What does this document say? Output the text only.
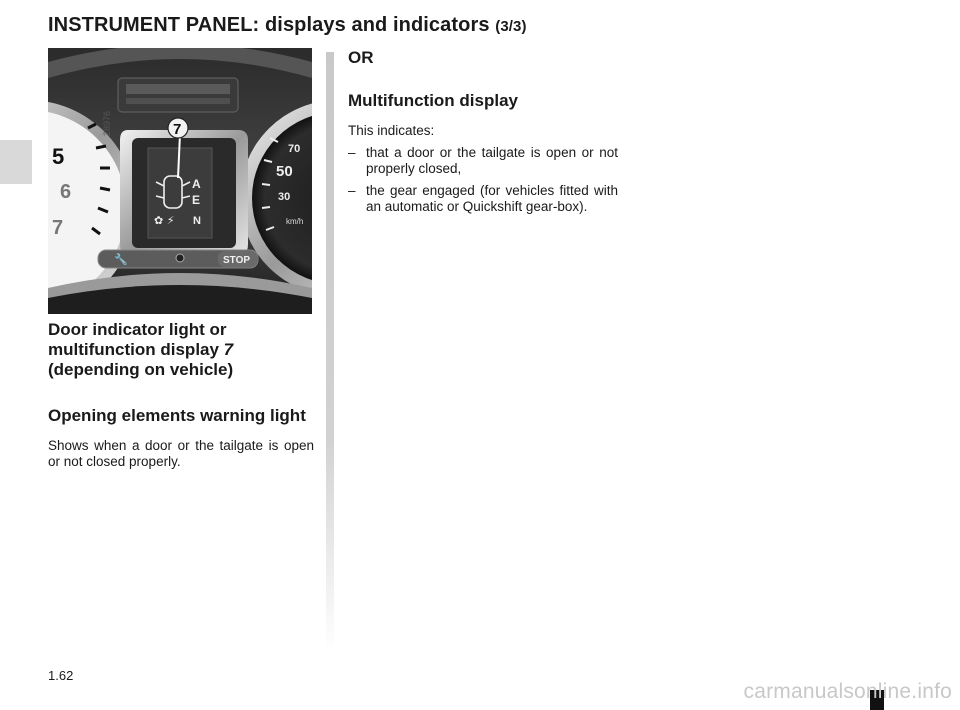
INSTRUMENT PANEL: displays and indicators (3/3)
5
6
7
70
50
30
km/h
A
E
N
✿ ⚡
7
🔧	STOP
28976
Door indicator light or
multifunction display 7
(depending on vehicle)
Opening elements warning light

Shows when a door or the tailgate is open or not closed properly.

OR
Multifunction display

This indicates:

– that a door or the tailgate is open or not properly closed,
– the gear engaged (for vehicles fitted with an automatic or Quickshift gear-box).
1.62
carmanualsonline.info
